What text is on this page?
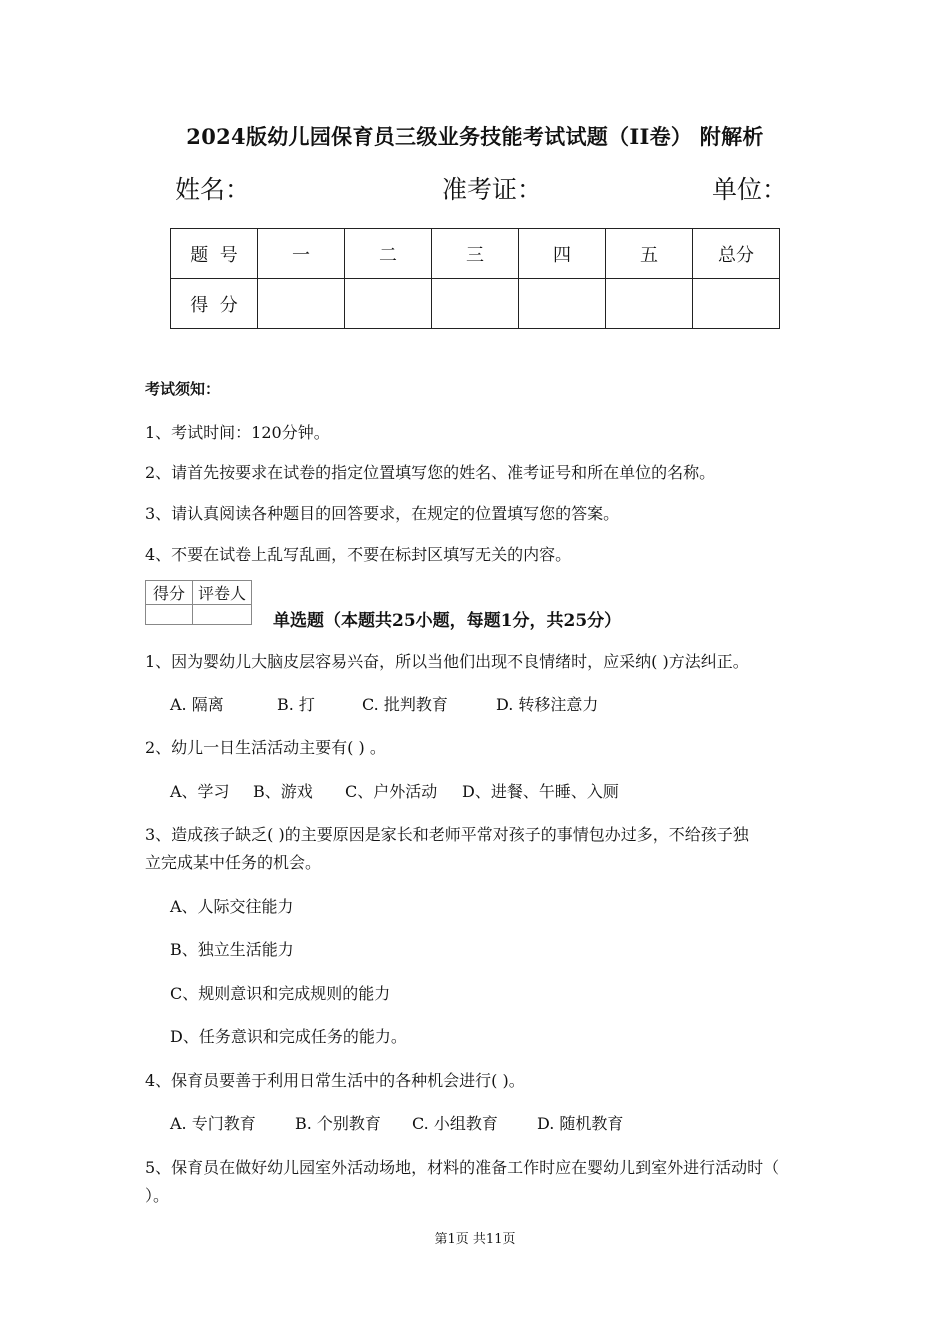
2024版幼儿园保育员三级业务技能考试试题（II卷） 附解析
姓名：	准考证：	单位：
题  号	一	二	三	四	五	总分
得  分						
考试须知：
1、考试时间：120分钟。
2、请首先按要求在试卷的指定位置填写您的姓名、准考证号和所在单位的名称。
3、请认真阅读各种题目的回答要求，在规定的位置填写您的答案。
4、不要在试卷上乱写乱画，不要在标封区填写无关的内容。
得分	评卷人

单选题（本题共25小题，每题1分，共25分）
1、因为婴幼儿大脑皮层容易兴奋，所以当他们出现不良情绪时，应采纳( )方法纠正。
A. 隔离	B. 打	C. 批判教育	D. 转移注意力
2、幼儿一日生活活动主要有( ) 。
A、学习 B、游戏 C、户外活动 D、进餐、午睡、入厕
3、造成孩子缺乏( )的主要原因是家长和老师平常对孩子的事情包办过多，不给孩子独
立完成某中任务的机会。
A、人际交往能力
B、独立生活能力
C、规则意识和完成规则的能力
D、任务意识和完成任务的能力。
4、保育员要善于利用日常生活中的各种机会进行( )。
A. 专门教育 B. 个别教育 C. 小组教育 D. 随机教育
5、保育员在做好幼儿园室外活动场地，材料的准备工作时应在婴幼儿到室外进行活动时（
）。
第1页 共11页
